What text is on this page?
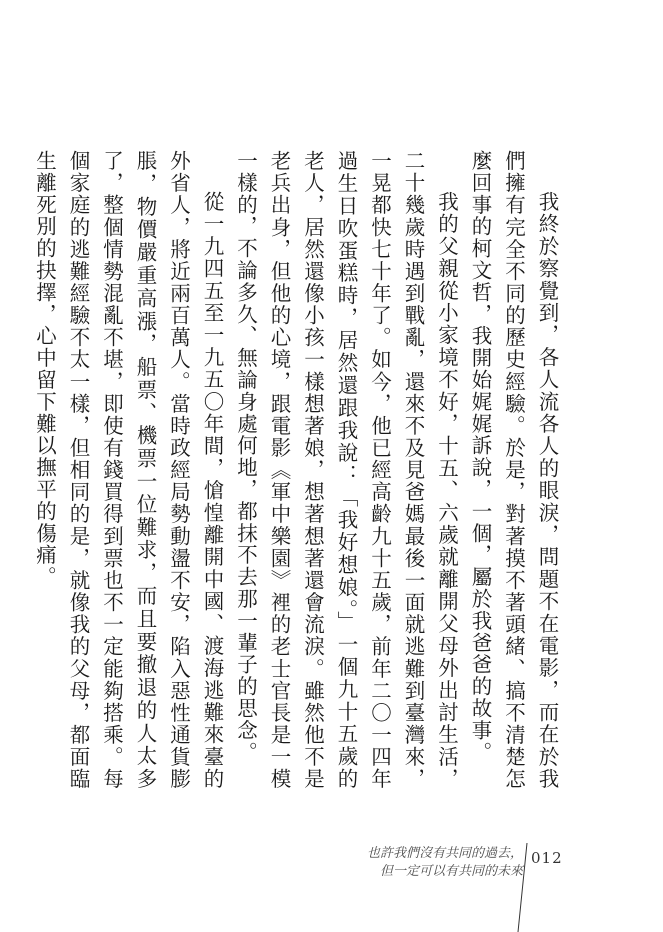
我終於察覺到，各人流各人的眼淚，問題不在電影，而在於我們擁有完全不同的歷史經驗。於是，對著摸不著頭緒、搞不清楚怎麼回事的柯文哲，我開始娓娓訴說，一個，屬於我爸爸的故事。

我的父親從小家境不好，十五、六歲就離開父母外出討生活，二十幾歲時遇到戰亂，還來不及見爸媽最後一面就逃難到臺灣來，一晃都快七十年了。如今，他已經高齡九十五歲，前年二〇一四年過生日吹蛋糕時，居然還跟我說：「我好想娘。」一個九十五歲的老人，居然還像小孩一樣想著娘，想著想著還會流淚。雖然他不是老兵出身，但他的心境，跟電影《軍中樂園》裡的老士官長是一模一樣的，不論多久、無論身處何地，都抹不去那一輩子的思念。

從一九四五至一九五〇年間，愴惶離開中國、渡海逃難來臺的外省人，將近兩百萬人。當時政經局勢動盪不安，陷入惡性通貨膨脹，物價嚴重高漲，船票、機票一位難求，而且要撤退的人太多了，整個情勢混亂不堪，即使有錢買得到票也不一定能夠搭乘。每個家庭的逃難經驗不太一樣，但相同的是，就像我的父母，都面臨生離死別的抉擇，心中留下難以撫平的傷痛。

也許我們沒有共同的過去，
但一定可以有共同的未來
012
